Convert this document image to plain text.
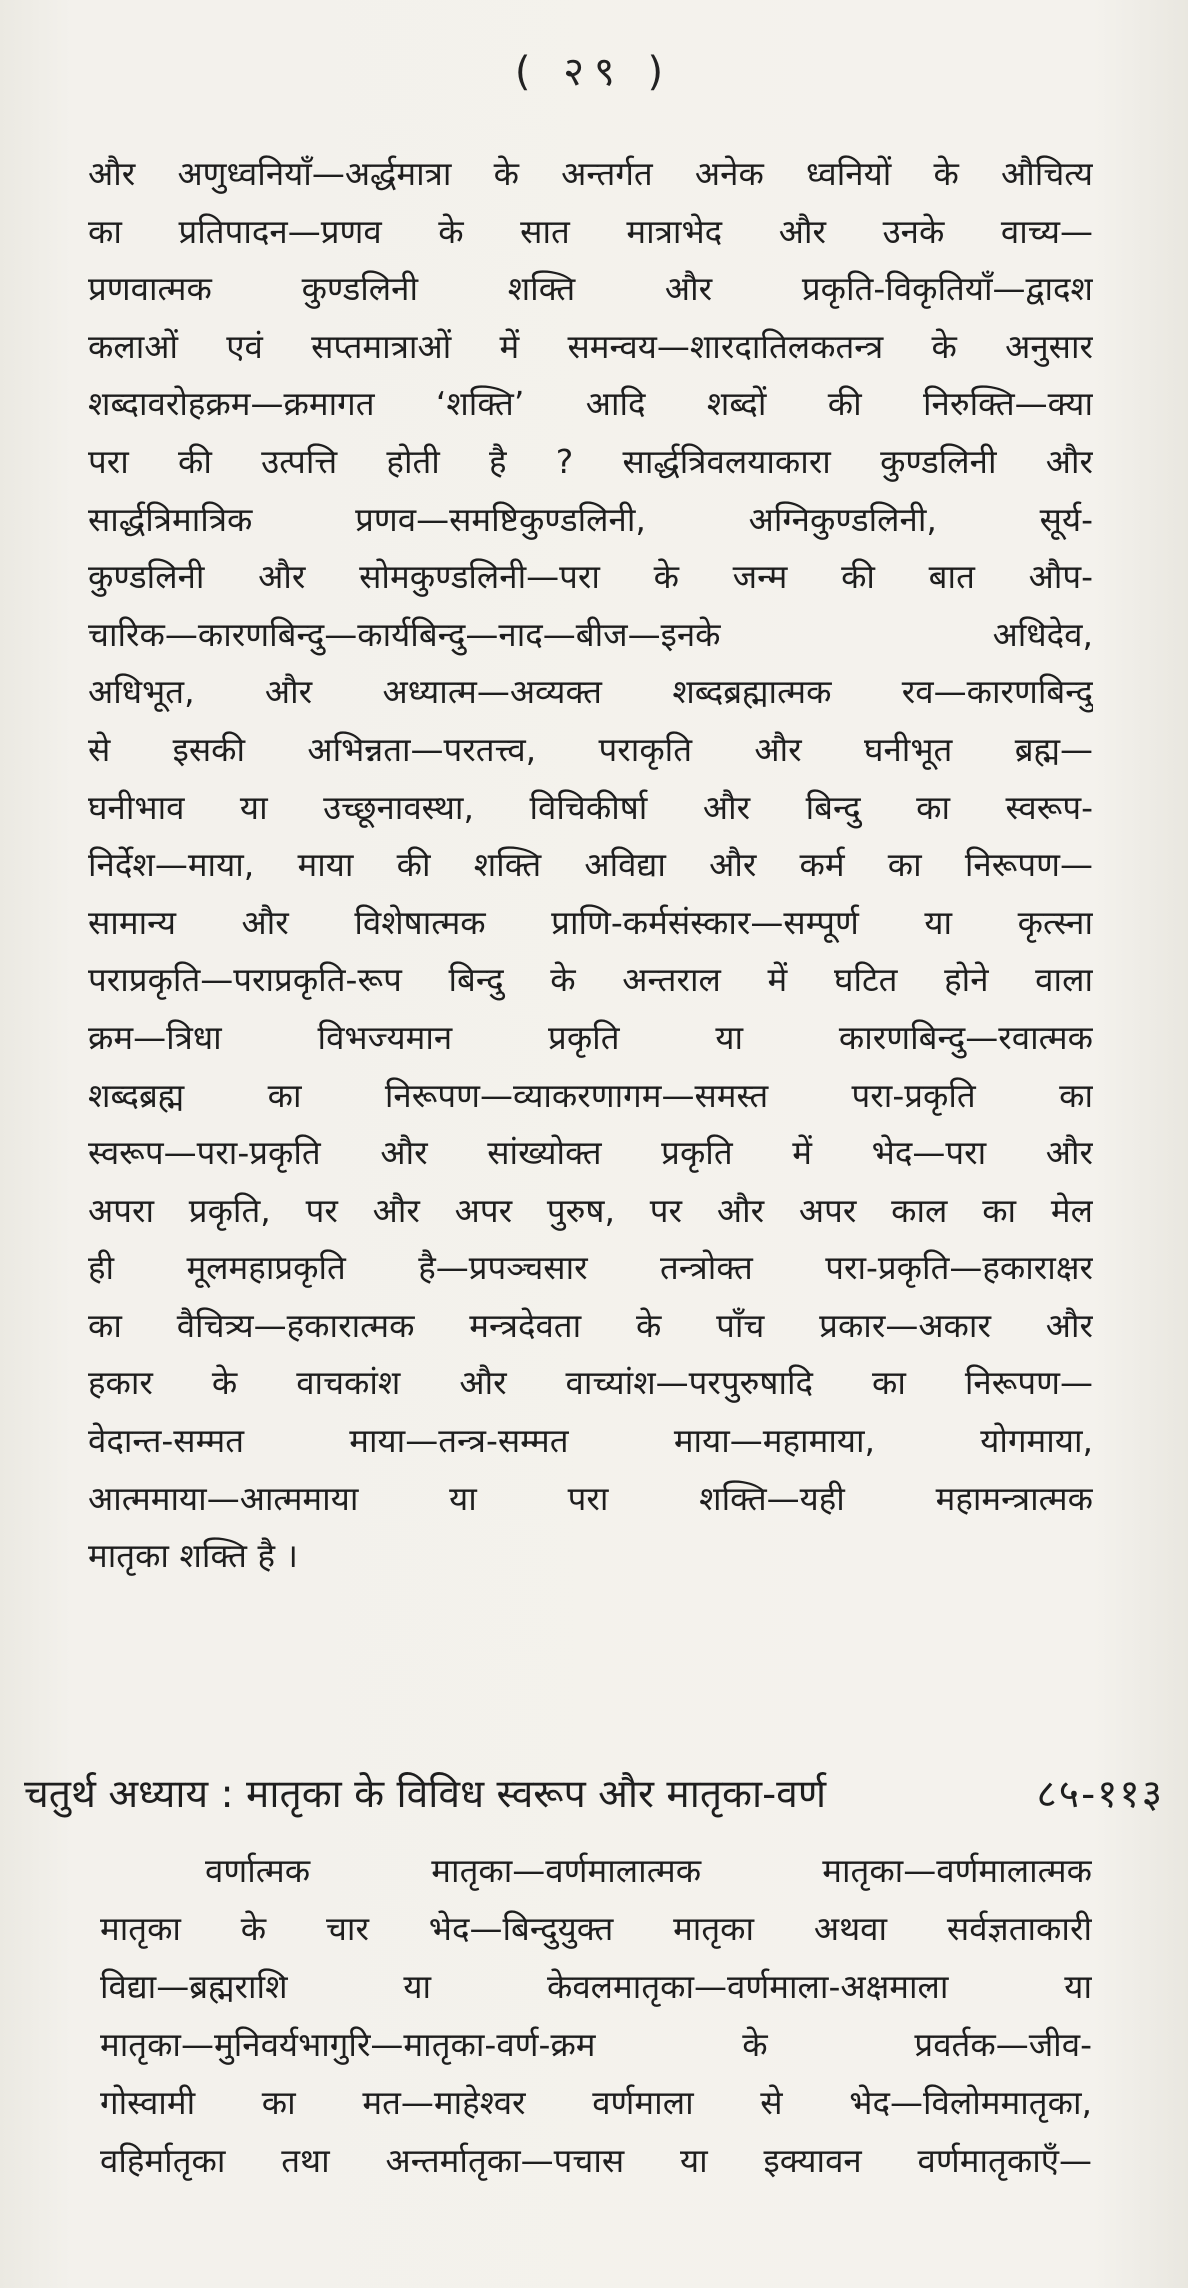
( २९ )
और अणुध्वनियाँ—अर्द्धमात्रा के अन्तर्गत अनेक ध्वनियों के औचित्य
का प्रतिपादन—प्रणव के सात मात्राभेद और उनके वाच्य—
प्रणवात्मक कुण्डलिनी शक्ति और प्रकृति-विकृतियाँ—द्वादश
कलाओं एवं सप्तमात्राओं में समन्वय—शारदातिलकतन्त्र के अनुसार
शब्दावरोहक्रम—क्रमागत ‘शक्ति’ आदि शब्दों की निरुक्ति—क्या
परा की उत्पत्ति होती है ? सार्द्धत्रिवलयाकारा कुण्डलिनी और
सार्द्धत्रिमात्रिक प्रणव—समष्टिकुण्डलिनी, अग्निकुण्डलिनी, सूर्य-
कुण्डलिनी और सोमकुण्डलिनी—परा के जन्म की बात औप-
चारिक—कारणबिन्दु—कार्यबिन्दु—नाद—बीज—इनके अधिदेव,
अधिभूत, और अध्यात्म—अव्यक्त शब्दब्रह्मात्मक रव—कारणबिन्दु
से इसकी अभिन्नता—परतत्त्व, पराकृति और घनीभूत ब्रह्म—
घनीभाव या उच्छूनावस्था, विचिकीर्षा और बिन्दु का स्वरूप-
निर्देश—माया, माया की शक्ति अविद्या और कर्म का निरूपण—
सामान्य और विशेषात्मक प्राणि-कर्मसंस्कार—सम्पूर्ण या कृत्स्ना
पराप्रकृति—पराप्रकृति-रूप बिन्दु के अन्तराल में घटित होने वाला
क्रम—त्रिधा विभज्यमान प्रकृति या कारणबिन्दु—रवात्मक
शब्दब्रह्म का निरूपण—व्याकरणागम—समस्त परा-प्रकृति का
स्वरूप—परा-प्रकृति और सांख्योक्त प्रकृति में भेद—परा और
अपरा प्रकृति, पर और अपर पुरुष, पर और अपर काल का मेल
ही मूलमहाप्रकृति है—प्रपञ्चसार तन्त्रोक्त परा-प्रकृति—हकाराक्षर
का वैचित्र्य—हकारात्मक मन्त्रदेवता के पाँच प्रकार—अकार और
हकार के वाचकांश और वाच्यांश—परपुरुषादि का निरूपण—
वेदान्त-सम्मत माया—तन्त्र-सम्मत माया—महामाया, योगमाया,
आत्ममाया—आत्ममाया या परा शक्ति—यही महामन्त्रात्मक
मातृका शक्ति है ।
चतुर्थ अध्याय : मातृका के विविध स्वरूप और मातृका-वर्ण	८५-११३
वर्णात्मक मातृका—वर्णमालात्मक मातृका—वर्णमालात्मक
मातृका के चार भेद—बिन्दुयुक्त मातृका अथवा सर्वज्ञताकारी
विद्या—ब्रह्मराशि या केवलमातृका—वर्णमाला-अक्षमाला या
मातृका—मुनिवर्यभागुरि—मातृका-वर्ण-क्रम के प्रवर्तक—जीव-
गोस्वामी का मत—माहेश्वर वर्णमाला से भेद—विलोममातृका,
वहिर्मातृका तथा अन्तर्मातृका—पचास या इक्यावन वर्णमातृकाएँ—
